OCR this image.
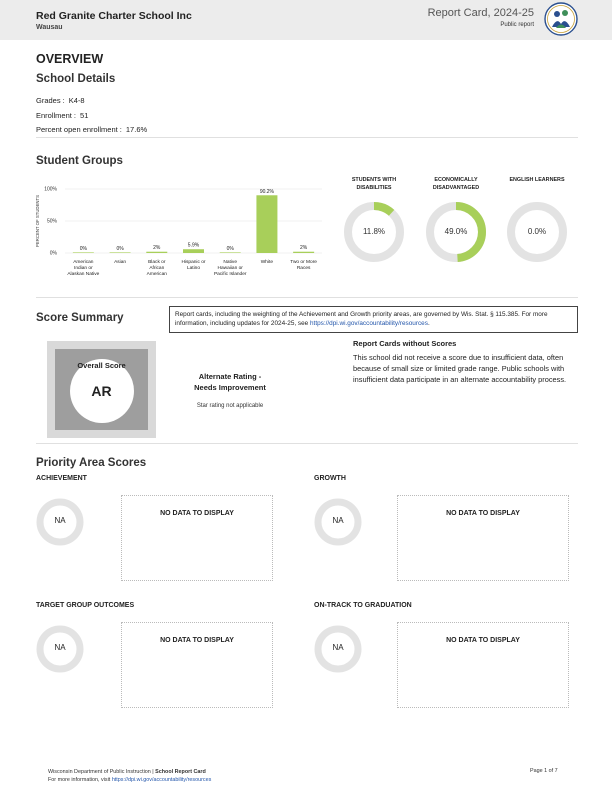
Red Granite Charter School Inc
Wausau
Report Card, 2024-25
Public report
OVERVIEW
School Details
Grades : K4-8
Enrollment : 51
Percent open enrollment : 17.6%
Student Groups
PERCENT OF STUDENTS
100%
50%
0%
0%
American Indian or Alaskan Native
0%
Asian
2%
Black or African American
5.9%
Hispanic or Latino
0%
Native Hawaiian or Pacific Islander
90.2%
White
2%
Two or More Races
STUDENTS WITH DISABILITIES
11.8%
ECONOMICALLY DISADVANTAGED
49.0%
ENGLISH LEARNERS
0.0%
Score Summary	Report cards, including the weighting of the Achievement and Growth priority areas, are governed by Wis. Stat. § 115.385. For more information, including updates for 2024-25, see https://dpi.wi.gov/accountability/resources.
Overall Score
AR
Alternate Rating -
Needs Improvement
Star rating not applicable
Report Cards without Scores
This school did not receive a score due to insufficient data, often because of small size or limited grade range. Public schools with insufficient data participate in an alternate accountability process.
Priority Area Scores
ACHIEVEMENT
NA
NO DATA TO DISPLAY
GROWTH
NA
NO DATA TO DISPLAY
TARGET GROUP OUTCOMES
NA
NO DATA TO DISPLAY
ON-TRACK TO GRADUATION
NA
NO DATA TO DISPLAY
Wisconsin Department of Public Instruction | School Report Card
For more information, visit https://dpi.wi.gov/accountability/resources
Page 1 of 7
